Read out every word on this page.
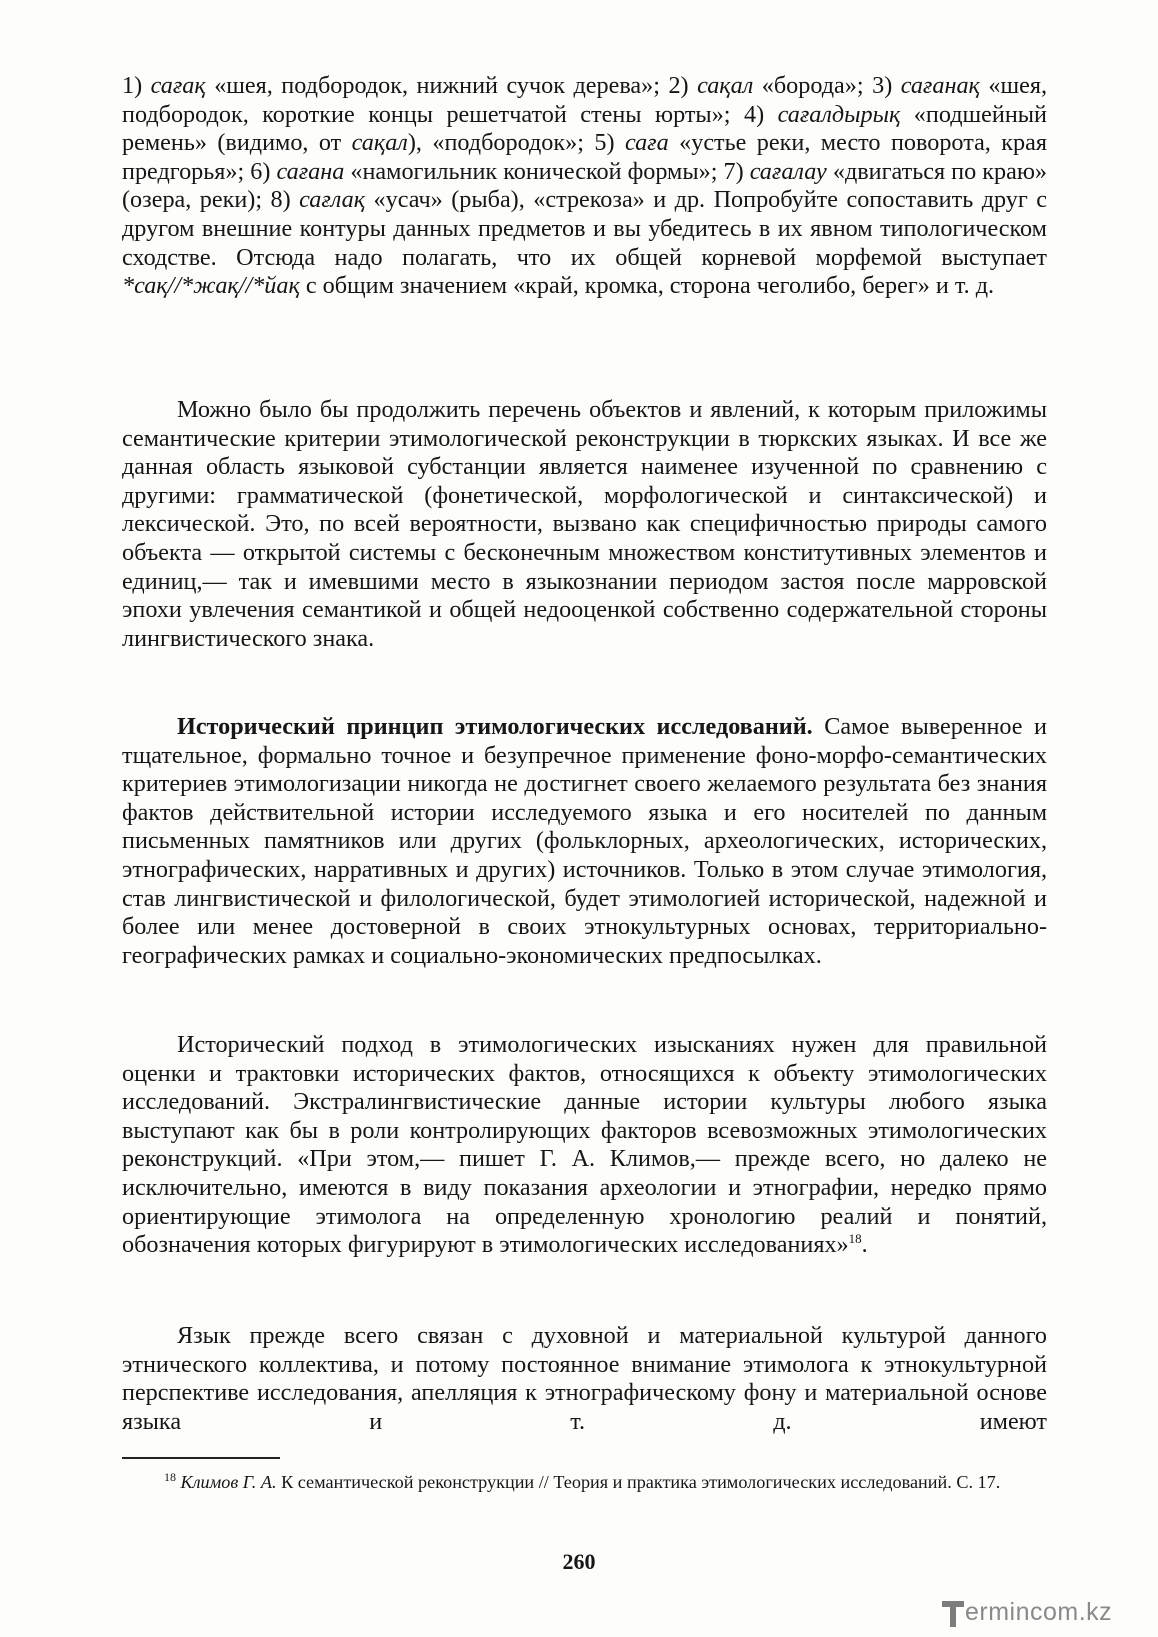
1) сағақ «шея, подбородок, нижний сучок дерева»; 2) сақал «борода»; 3) сағанақ «шея, подбородок, короткие концы решетчатой стены юрты»; 4) сағалдырық «подшейный ремень» (видимо, от сақал), «подбородок»; 5) саға «устье реки, место поворота, края предгорья»; 6) сағана «намогильник конической формы»; 7) сағалау «двигаться по краю» (озера, реки); 8) сағлақ «усач» (рыба), «стрекоза» и др. Попробуйте сопоставить друг с другом внешние контуры данных предметов и вы убедитесь в их явном типологическом сходстве. Отсюда надо полагать, что их общей корневой морфемой выступает *сақ//*жақ//*йақ с общим значением «край, кромка, сторона чеголибо, берег» и т. д.

Можно было бы продолжить перечень объектов и явлений, к которым приложимы семантические критерии этимологической реконструкции в тюркских языках. И все же данная область языковой субстанции является наименее изученной по сравнению с другими: грамматической (фонетической, морфологической и синтаксической) и лексической. Это, по всей вероятности, вызвано как специфичностью природы самого объекта — открытой системы с бесконечным множеством конститутивных элементов и единиц,— так и имевшими место в языкознании периодом застоя после марровской эпохи увлечения семантикой и общей недооценкой собственно содержательной стороны лингвистического знака.

Исторический принцип этимологических исследований. Самое выверенное и тщательное, формально точное и безупречное применение фоно-морфо-семантических критериев этимологизации никогда не достигнет своего желаемого результата без знания фактов действительной истории исследуемого языка и его носителей по данным письменных памятников или других (фольклорных, археологических, исторических, этнографических, нарративных и других) источников. Только в этом случае этимология, став лингвистической и филологической, будет этимологией исторической, надежной и более или менее достоверной в своих этнокультурных основах, территориальногеографических рамках и социально-экономических предпосылках.

Исторический подход в этимологических изысканиях нужен для правильной оценки и трактовки исторических фактов, относящихся к объекту этимологических исследований. Экстралингвистические данные истории культуры любого языка выступают как бы в роли контролирующих факторов всевозможных этимологических реконструкций. «При этом,— пишет Г. А. Климов,— прежде всего, но далеко не исключительно, имеются в виду показания археологии и этнографии, нередко прямо ориентирующие этимолога на определенную хронологию реалий и понятий, обозначения которых фигурируют в этимологических исследованиях»$^{18}$.

Язык прежде всего связан с духовной и материальной культурой данного этнического коллектива, и потому постоянное внимание этимолога к этнокультурной перспективе исследования, апелляция к этнографическому фону и материальной основе языка и т. д. имеют

$^{18}$ Климов Г. А. К семантической реконструкции // Теория и практика этимологических исследований. С. 17.
260
ermincom.kz
